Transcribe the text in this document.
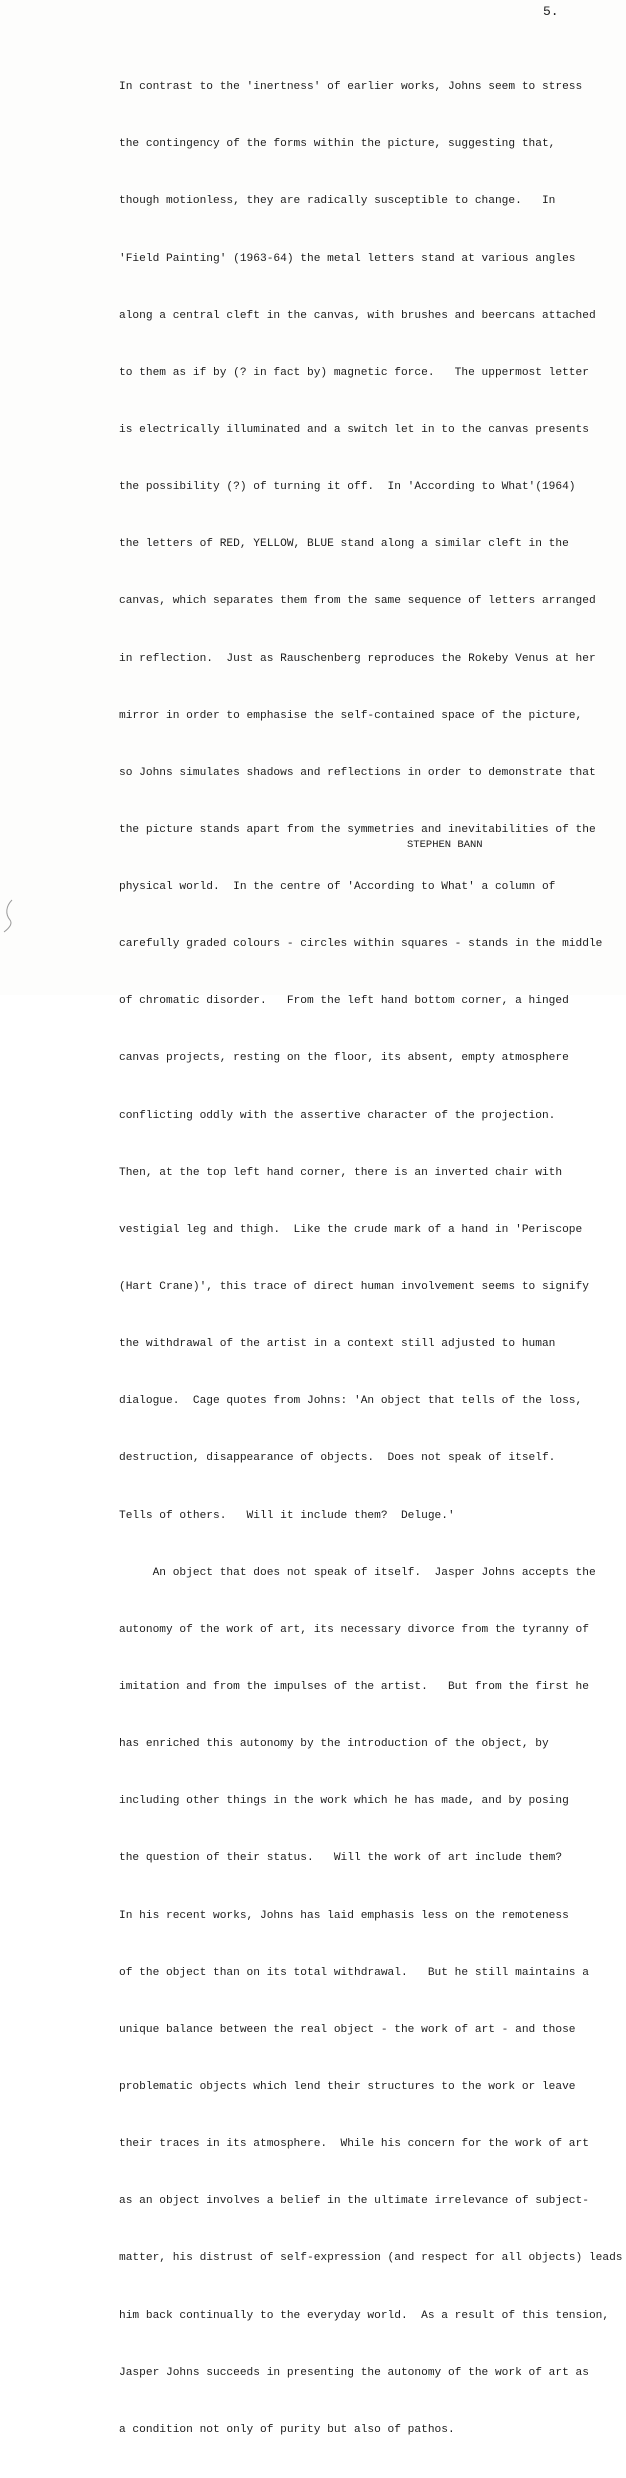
5.

In contrast to the 'inertness' of earlier works, Johns seem to stress

the contingency of the forms within the picture, suggesting that,

though motionless, they are radically susceptible to change.   In

'Field Painting' (1963-64) the metal letters stand at various angles

along a central cleft in the canvas, with brushes and beercans attached

to them as if by (? in fact by) magnetic force.   The uppermost letter

is electrically illuminated and a switch let in to the canvas presents

the possibility (?) of turning it off.  In 'According to What'(1964)

the letters of RED, YELLOW, BLUE stand along a similar cleft in the

canvas, which separates them from the same sequence of letters arranged

in reflection.  Just as Rauschenberg reproduces the Rokeby Venus at her

mirror in order to emphasise the self-contained space of the picture,

so Johns simulates shadows and reflections in order to demonstrate that

the picture stands apart from the symmetries and inevitabilities of the

physical world.  In the centre of 'According to What' a column of

carefully graded colours - circles within squares - stands in the middle

of chromatic disorder.   From the left hand bottom corner, a hinged

canvas projects, resting on the floor, its absent, empty atmosphere

conflicting oddly with the assertive character of the projection.

Then, at the top left hand corner, there is an inverted chair with

vestigial leg and thigh.  Like the crude mark of a hand in 'Periscope

(Hart Crane)', this trace of direct human involvement seems to signify

the withdrawal of the artist in a context still adjusted to human

dialogue.  Cage quotes from Johns: 'An object that tells of the loss,

destruction, disappearance of objects.  Does not speak of itself.

Tells of others.   Will it include them?  Deluge.'

An object that does not speak of itself.  Jasper Johns accepts the

autonomy of the work of art, its necessary divorce from the tyranny of

imitation and from the impulses of the artist.   But from the first he

has enriched this autonomy by the introduction of the object, by

including other things in the work which he has made, and by posing

the question of their status.   Will the work of art include them?

In his recent works, Johns has laid emphasis less on the remoteness

of the object than on its total withdrawal.   But he still maintains a

unique balance between the real object - the work of art - and those

problematic objects which lend their structures to the work or leave

their traces in its atmosphere.  While his concern for the work of art

as an object involves a belief in the ultimate irrelevance of subject-

matter, his distrust of self-expression (and respect for all objects) leads

him back continually to the everyday world.  As a result of this tension,

Jasper Johns succeeds in presenting the autonomy of the work of art as

a condition not only of purity but also of pathos.

STEPHEN BANN
